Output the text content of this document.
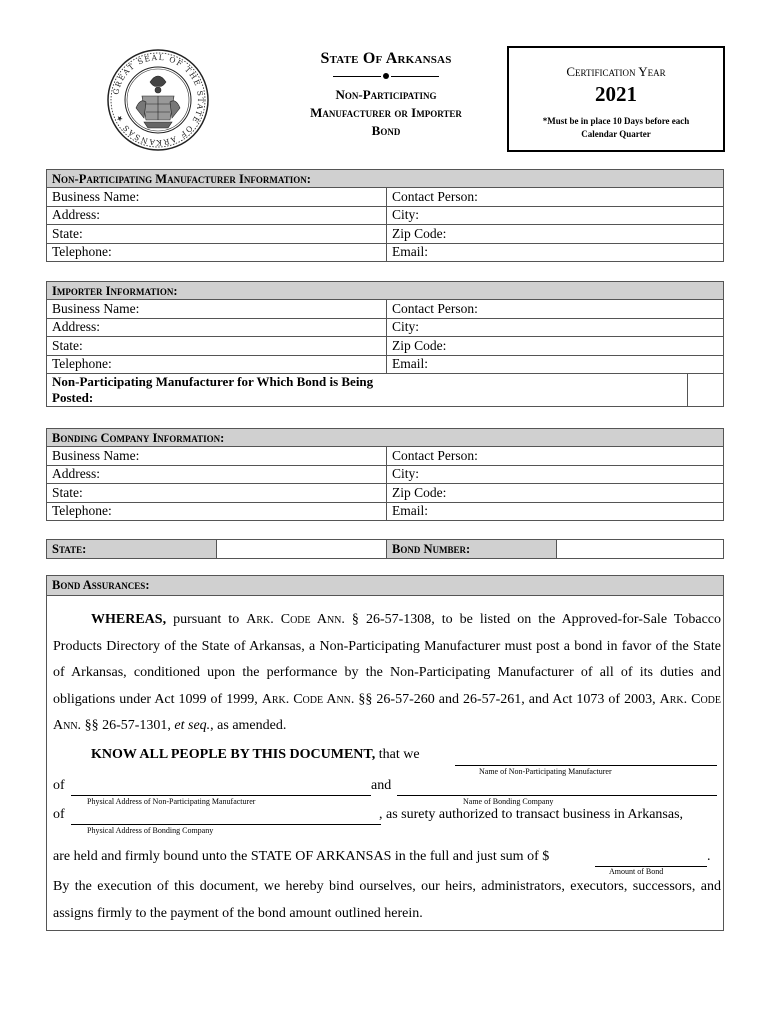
GREAT SEAL OF THE STATE OF ARKANSAS ★
State Of Arkansas
Non-Participating
Manufacturer or Importer
Bond
Certification Year
2021
*Must be in place 10 Days before each
Calendar Quarter
Non-Participating Manufacturer Information:	
Business Name:	Contact Person:
Address:	City:
State:	Zip Code:
Telephone:	Email:
Importer Information:		
Business Name:	Contact Person:	
Address:	City:	
State:	Zip Code:	
Telephone:	Email:	

Non-Participating Manufacturer for Which Bond is Being
Posted:		

Bonding Company Information:	
Business Name:	Contact Person:
Address:	City:
State:	Zip Code:
Telephone:	Email:
State:		Bond Number:	
Bond Assurances:
WHEREAS, pursuant to Ark. Code Ann. § 26-57-1308, to be listed on the Approved-for-Sale Tobacco Products Directory of the State of Arkansas, a Non-Participating Manufacturer must post a bond in favor of the State of Arkansas, conditioned upon the performance by the Non-Participating Manufacturer of all of its duties and obligations under Act 1099 of 1999, Ark. Code Ann. §§ 26-57-260 and 26-57-261, and Act 1073 of 2003, Ark. Code Ann. §§ 26-57-1301, et seq., as amended.
KNOW ALL PEOPLE BY THIS DOCUMENT, that we
Name of Non-Participating Manufacturer
of	and
Physical Address of Non-Participating Manufacturer	Name of Bonding Company
of	, as surety authorized to transact business in Arkansas,
Physical Address of Bonding Company
are held and firmly bound unto the STATE OF ARKANSAS in the full and just sum of $	.
Amount of Bond
By the execution of this document, we hereby bind ourselves, our heirs, administrators, executors, successors, and assigns firmly to the payment of the bond amount outlined herein.
